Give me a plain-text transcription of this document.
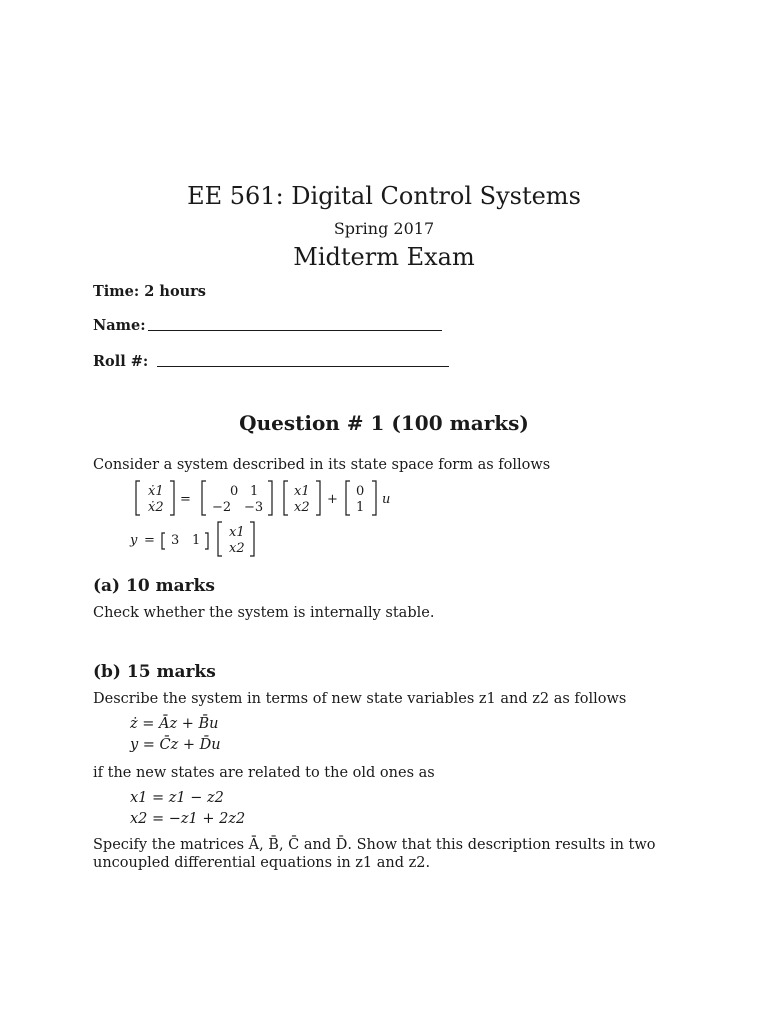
EE 561: Digital Control Systems
Spring 2017
Midterm Exam
Time: 2 hours
Name:
Roll #:
Question # 1 (100 marks)
Consider a system described in its state space form as follows
ẋ1
ẋ2
=
0 1
−2 −3
x1
x2
+
0
1
u
y = 3 1
x1
x2
(a) 10 marks
Check whether the system is internally stable.
(b) 15 marks
Describe the system in terms of new state variables z1 and z2 as follows
ż = Āz + B̄u
y = C̄z + D̄u
if the new states are related to the old ones as
x1 = z1 − z2
x2 = −z1 + 2z2
Specify the matrices Ā, B̄, C̄ and D̄. Show that this description results in two uncoupled differential equations in z1 and z2.
